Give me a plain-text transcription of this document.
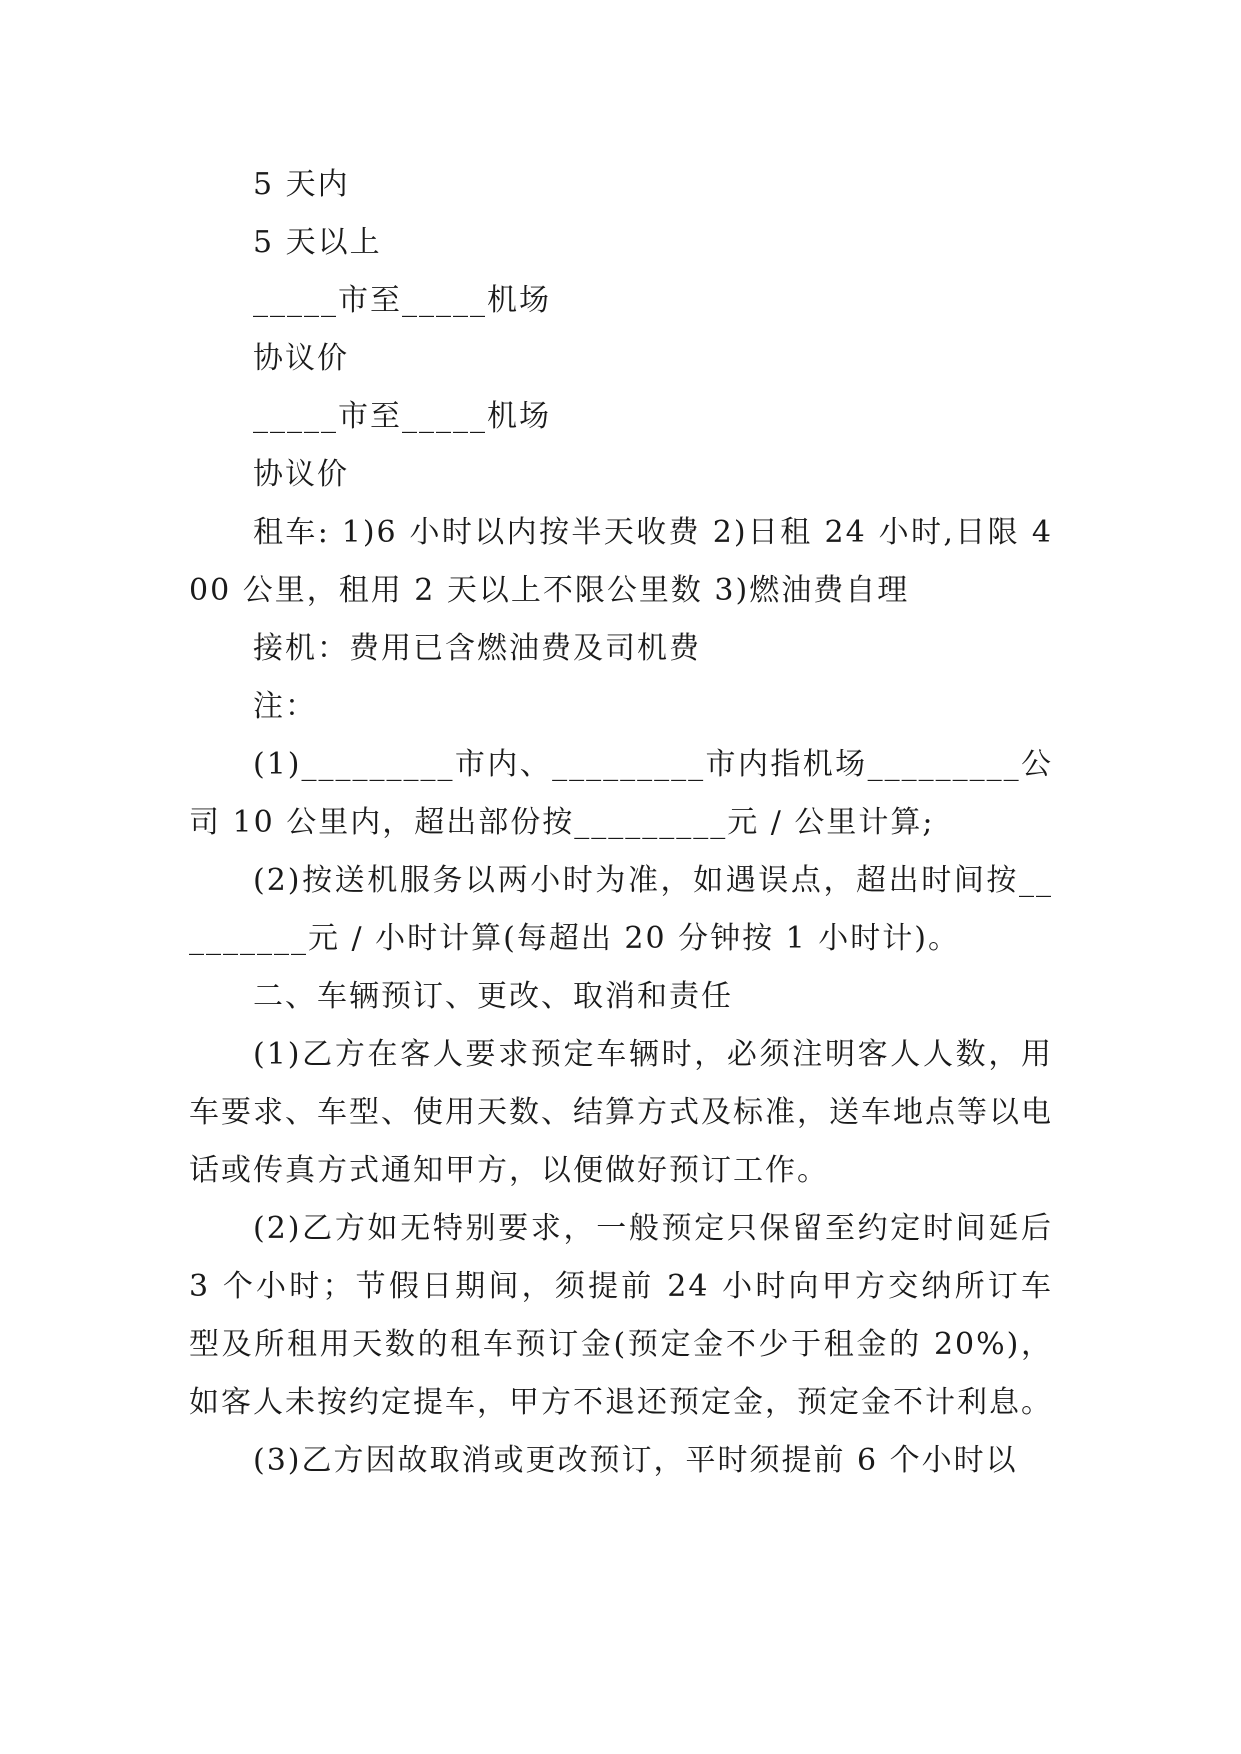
5 天内

5 天以上

_____市至_____机场

协议价

_____市至_____机场

协议价

租车: 1)6 小时以内按半天收费 2)日租 24 小时,日限 400 公里，租用 2 天以上不限公里数 3)燃油费自理

接机：费用已含燃油费及司机费

注：

(1)_________市内、_________市内指机场_________公司 10 公里内，超出部份按_________元 / 公里计算;

(2)按送机服务以两小时为准，如遇误点，超出时间按_________元 / 小时计算(每超出 20 分钟按 1 小时计)。

二、车辆预订、更改、取消和责任

(1)乙方在客人要求预定车辆时，必须注明客人人数，用车要求、车型、使用天数、结算方式及标准，送车地点等以电话或传真方式通知甲方，以便做好预订工作。

(2)乙方如无特别要求，一般预定只保留至约定时间延后 3 个小时；节假日期间，须提前 24 小时向甲方交纳所订车型及所租用天数的租车预订金(预定金不少于租金的 20%)，如客人未按约定提车，甲方不退还预定金，预定金不计利息。

(3)乙方因故取消或更改预订，平时须提前 6 个小时以
